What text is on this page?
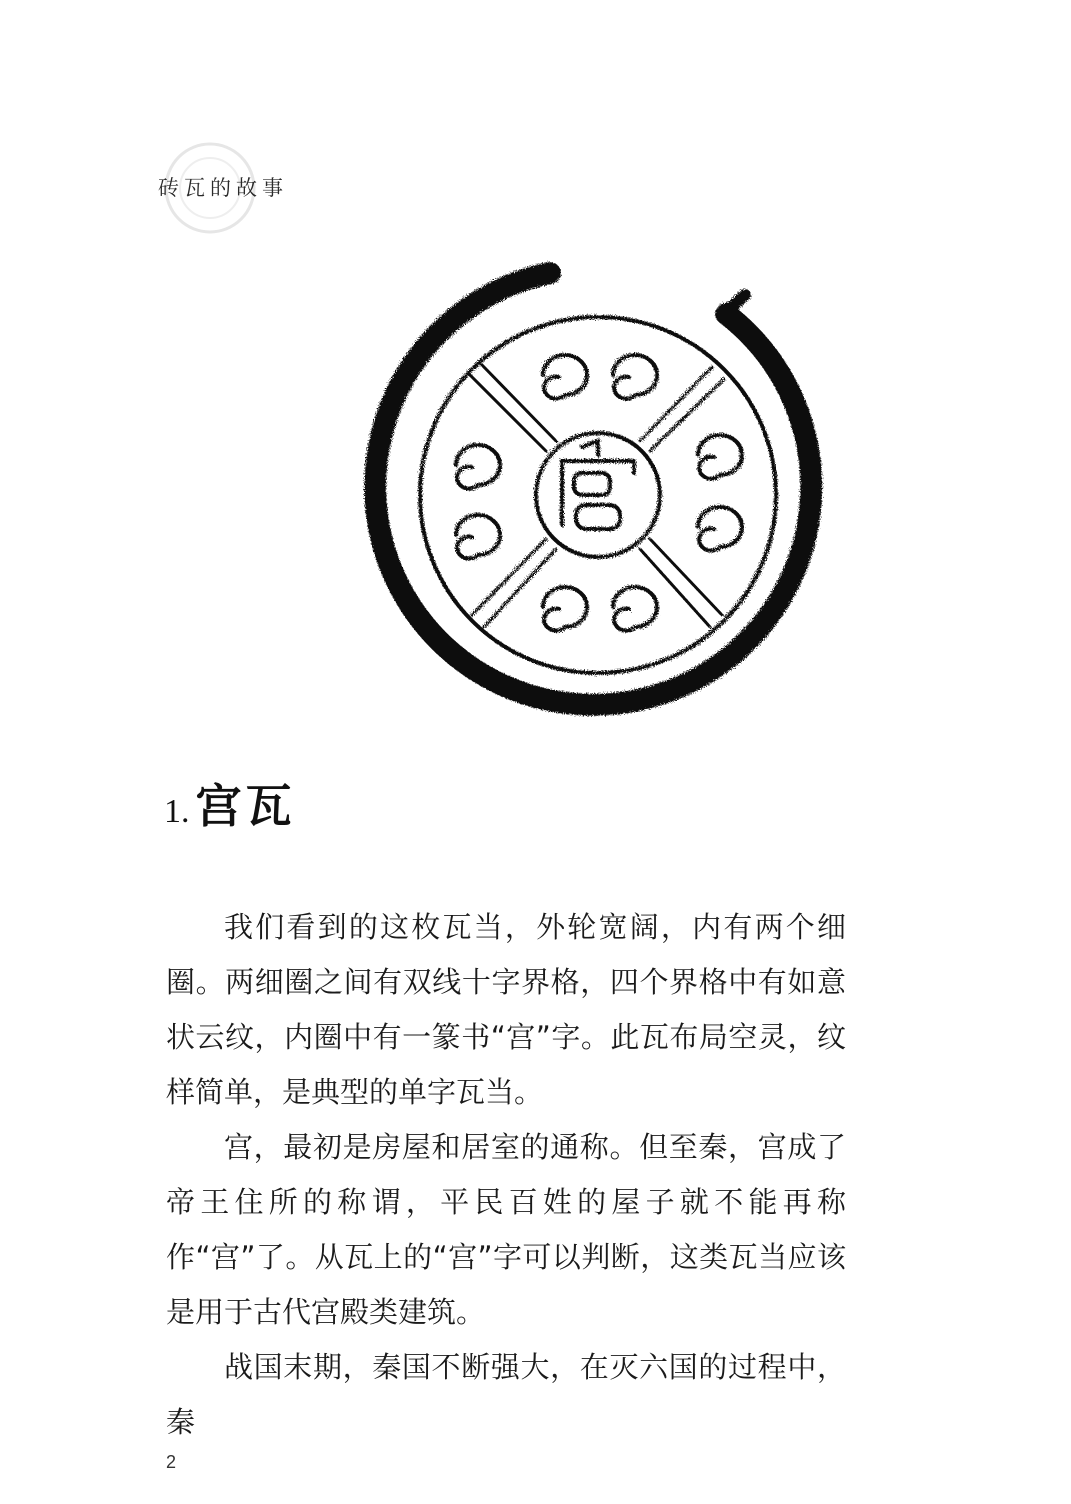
砖瓦的故事
1. 宫瓦

我们看到的这枚瓦当，外轮宽阔，内有两个细圈。两细圈之间有双线十字界格，四个界格中有如意状云纹，内圈中有一篆书“宫”字。此瓦布局空灵，纹样简单，是典型的单字瓦当。

宫，最初是房屋和居室的通称。但至秦，宫成了帝王住所的称谓，平民百姓的屋子就不能再称作“宫”了。从瓦上的“宫”字可以判断，这类瓦当应该是用于古代宫殿类建筑。

战国末期，秦国不断强大，在灭六国的过程中，秦

2
